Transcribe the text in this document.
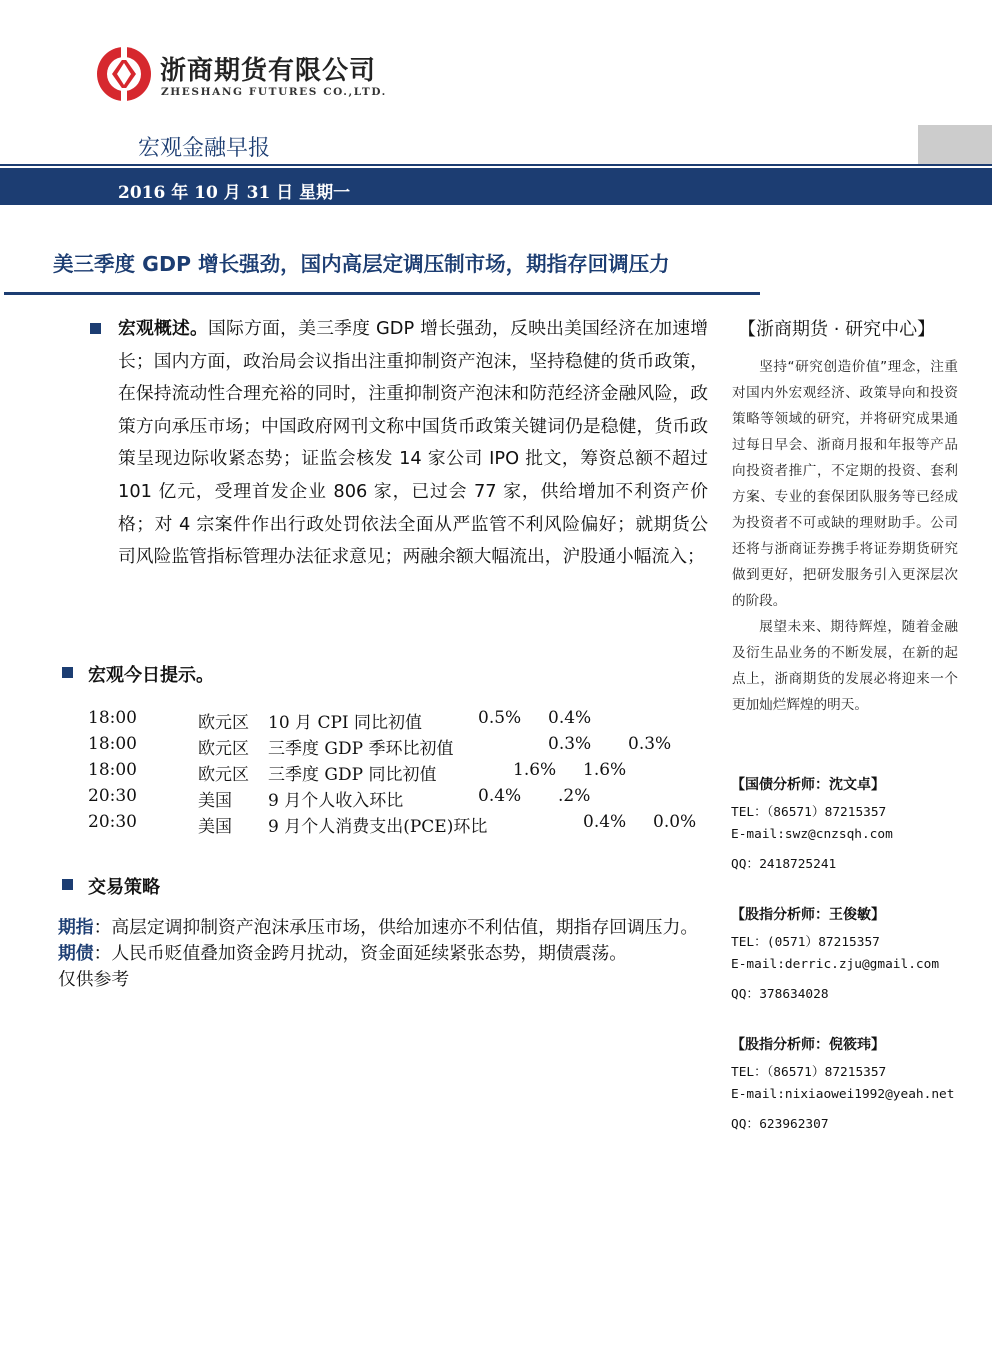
浙商期货有限公司
ZHESHANG FUTURES CO.,LTD.
宏观金融早报
2016 年 10 月 31 日 星期一
美三季度 GDP 增长强劲，国内高层定调压制市场，期指存回调压力
宏观概述。国际方面，美三季度 GDP 增长强劲，反映出美国经济在加速增长；国内方面，政治局会议指出注重抑制资产泡沫，坚持稳健的货币政策，在保持流动性合理充裕的同时，注重抑制资产泡沫和防范经济金融风险，政策方向承压市场；中国政府网刊文称中国货币政策关键词仍是稳健，货币政策呈现边际收紧态势；证监会核发 14 家公司 IPO 批文，筹资总额不超过 101 亿元，受理首发企业 806 家，已过会 77 家，供给增加不利资产价格；对 4 宗案件作出行政处罚依法全面从严监管不利风险偏好；就期货公司风险监管指标管理办法征求意见；两融余额大幅流出，沪股通小幅流入；
宏观今日提示。
18:00	欧元区 10 月 CPI 同比初值	0.5% 0.4%
18:00	欧元区 三季度 GDP 季环比初值	0.3% 0.3%
18:00	欧元区 三季度 GDP 同比初值	1.6% 1.6%
20:30	美国 9 月个人收入环比	0.4% .2%
20:30	美国 9 月个人消费支出(PCE)环比	0.4% 0.0%
交易策略
期指：高层定调抑制资产泡沫承压市场，供给加速亦不利估值，期指存回调压力。
期债：人民币贬值叠加资金跨月扰动，资金面延续紧张态势，期债震荡。
仅供参考
【浙商期货 · 研究中心】
坚持“研究创造价值”理念，注重对国内外宏观经济、政策导向和投资策略等领域的研究，并将研究成果通过每日早会、浙商月报和年报等产品向投资者推广，不定期的投资、套利方案、专业的套保团队服务等已经成为投资者不可或缺的理财助手。公司还将与浙商证券携手将证券期货研究做到更好，把研发服务引入更深层次的阶段。
展望未来、期待辉煌，随着金融及衍生品业务的不断发展，在新的起点上，浙商期货的发展必将迎来一个更加灿烂辉煌的明天。
【国债分析师：沈文卓】
TEL：（86571）87215357
E-mail:swz@cnzsqh.com
QQ：2418725241
【股指分析师：王俊敏】
TEL：(0571）87215357
E-mail:derric.zju@gmail.com
QQ：378634028
【股指分析师：倪筱玮】
TEL：（86571）87215357
E-mail:nixiaowei1992@yeah.net
QQ：623962307
